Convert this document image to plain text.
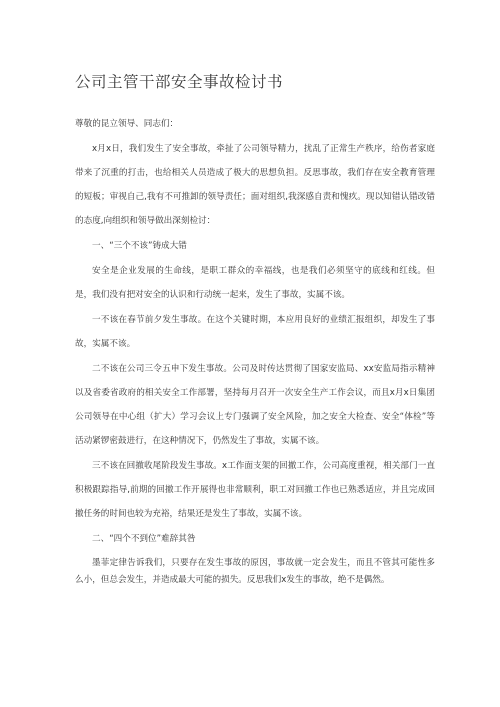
公司主管干部安全事故检讨书

尊敬的昆立领导、同志们：

x月x日，我们发生了安全事故，牵扯了公司领导精力，扰乱了正常生产秩序，给伤者家庭带来了沉重的打击，也给相关人员造成了极大的思想负担。反思事故，我们存在安全教育管理的短板；审视自己,我有不可推卸的领导责任；面对组织,我深感自责和愧疚。现以知错认错改错的态度,向组织和领导做出深刻检讨：

一、“三个不该”铸成大错

安全是企业发展的生命线，是职工群众的幸福线，也是我们必须坚守的底线和红线。但是，我们没有把对安全的认识和行动统一起来，发生了事故，实属不该。

一不该在春节前夕发生事故。在这个关键时期，本应用良好的业绩汇报组织，却发生了事故，实属不该。

二不该在公司三令五申下发生事故。公司及时传达贯彻了国家安监局、xx安监局指示精神以及省委省政府的相关安全工作部署，坚持每月召开一次安全生产工作会议，而且x月x日集团公司领导在中心组（扩大）学习会议上专门强调了安全风险，加之安全大检查、安全“体检”等活动紧锣密鼓进行，在这种情况下，仍然发生了事故，实属不该。

三不该在回撤收尾阶段发生事故。x工作面支架的回撤工作，公司高度重视，相关部门一直积极跟踪指导,前期的回撤工作开展得也非常顺利，职工对回撤工作也已熟悉适应，并且完成回撤任务的时间也较为充裕，结果还是发生了事故，实属不该。

二、“四个不到位”难辞其咎

墨菲定律告诉我们，只要存在发生事故的原因，事故就一定会发生，而且不管其可能性多么小，但总会发生，并造成最大可能的损失。反思我们x发生的事故，绝不是偶然。
